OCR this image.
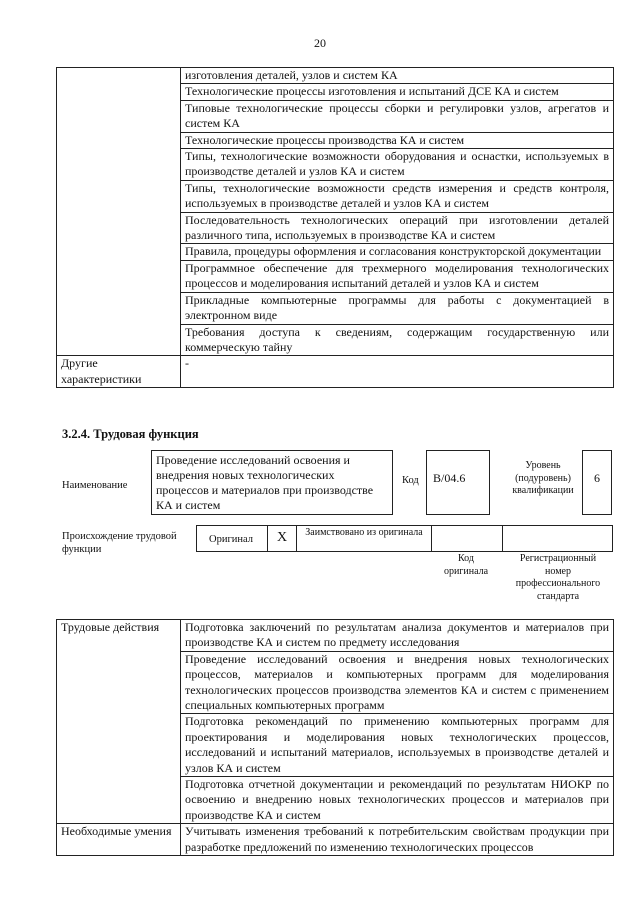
20
	изготовления деталей, узлов и систем КА
	Технологические процессы изготовления и испытаний ДСЕ КА и систем
	Типовые технологические процессы сборки и регулировки узлов, агрегатов и систем КА
	Технологические процессы производства КА и систем
	Типы, технологические возможности оборудования и оснастки, используемых в производстве деталей и узлов КА и систем
	Типы, технологические возможности средств измерения и средств контроля, используемых в производстве деталей и узлов КА и систем
	Последовательность технологических операций при изготовлении деталей различного типа, используемых в производстве КА и систем
	Правила, процедуры оформления и согласования конструкторской документации
	Программное обеспечение для трехмерного моделирования технологических процессов и моделирования испытаний деталей и узлов КА и систем
	Прикладные компьютерные программы для работы с документацией в электронном виде
	Требования доступа к сведениям, содержащим государственную или коммерческую тайну
Другие характеристики	-
3.2.4. Трудовая функция
Наименование
Проведение исследований освоения и внедрения новых технологических процессов и материалов при производстве КА и систем
Код	В/04.6
Уровень (подуровень) квалификации
6
Происхождение трудовой функции
Оригинал	X	Заимствовано из оригинала
Код оригинала
Регистрационный номер профессионального стандарта
Трудовые действия	Подготовка заключений по результатам анализа документов и материалов при производстве КА и систем по предмету исследования
	Проведение исследований освоения и внедрения новых технологических процессов, материалов и компьютерных программ для моделирования технологических процессов производства элементов КА и систем с применением специальных компьютерных программ
	Подготовка рекомендаций по применению компьютерных программ для проектирования и моделирования новых технологических процессов, исследований и испытаний материалов, используемых в производстве деталей и узлов КА и систем
	Подготовка отчетной документации и рекомендаций по результатам НИОКР по освоению и внедрению новых технологических процессов и материалов при производстве КА и систем
Необходимые умения	Учитывать изменения требований к потребительским свойствам продукции при разработке предложений по изменению технологических процессов
